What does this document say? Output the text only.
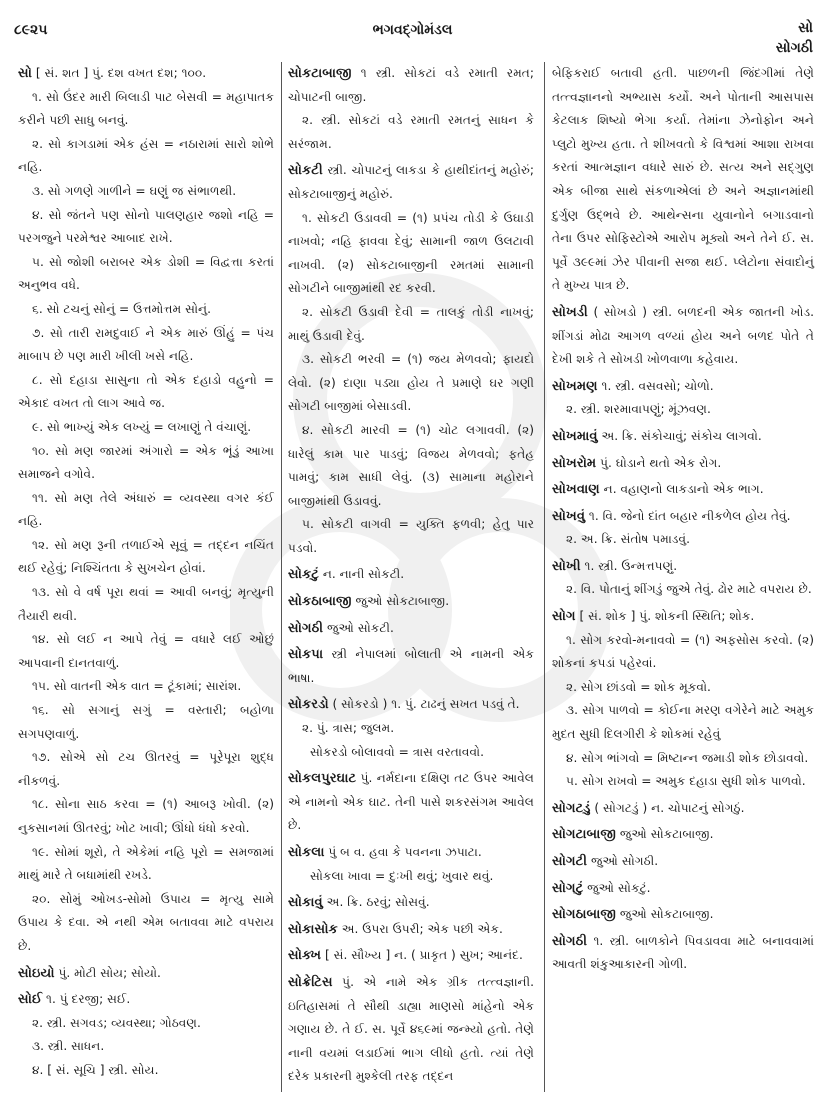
૮૯૨૫	ભગવદ્ગોમંડલ	સો
સોગઠી
સો [ સં. શત ] પું. દશ વખત દશ; ૧૦૦.
૧. સો ઉંદર મારી બિલાડી પાટ બેસવી = મહાપાતક કરીને પછી સાધુ બનવું.
૨. સો કાગડામાં એક હંસ = નઠારામાં સારો શોભે નહિ.
૩. સો ગળણે ગાળીને = ઘણું જ સંભાળથી.
૪. સો જંતને પણ સોનો પાલણહાર જશો નહિ = પરગજુને પરમેશ્વર આબાદ રાખે.
૫. સો જોશી બરાબર એક ડોશી = વિદ્વત્તા કરતાં અનુભવ વધે.
૬. સો ટચનું સોનું = ઉત્તમોત્તમ સોનું.
૭. સો તારી રામદુવાઈ ને એક મારું ઊંહું = પંચ માબાપ છે પણ મારી ખીલી ખસે નહિ.
૮. સો દહાડા સાસુના તો એક દહાડો વહુનો = એકાદ વખત તો લાગ આવે જ.
૯. સો ભાખ્યું એક લખ્યું = લખાણું તે વંચાણું.
૧૦. સો મણ જારમાં અંગારો = એક ભૂંડું આખા સમાજને વગોવે.
૧૧. સો મણ તેલે અંધારું = વ્યવસ્થા વગર કંઈ નહિ.
૧૨. સો મણ રૂની તળાઈએ સૂવું = તદ્દન નચિંત થઈ રહેવું; નિશ્ચિંતતા કે સુખચેન હોવાં.
૧૩. સો વે વર્ષ પૂરા થવાં = આવી બનવું; મૃત્યુની તૈયારી થવી.
૧૪. સો લઈ ન આપે તેવું = વધારે લઈ ઓછું આપવાની દાનતવાળું.
૧૫. સો વાતની એક વાત = ટૂંકામાં; સારાંશ.
૧૬. સો સગાનું સગું = વસ્તારી; બહોળા સગપણવાળું.
૧૭. સોએ સો ટચ ઊતરવું = પૂરેપૂરા શુદ્ધ નીકળવું.
૧૮. સોના સાઠ કરવા = (૧) આબરૂ ખોવી. (૨) નુકસાનમાં ઊતરવું; ખોટ ખાવી; ઊંધો ધંધો કરવો.
૧૯. સોમાં શૂરો, તે એકેમાં નહિ પૂરો = સમજામાં માથું મારે તે બધામાંથી રખડે.
૨૦. સોમું ઓખડ-સોમો ઉપાય = મૃત્યુ સામે ઉપાય કે દવા. એ નથી એમ બતાવવા માટે વપરાય છે.
સોઇયો પું. મોટી સોય; સોયો.
સોઈ ૧. પું દરજી; સઈ.
૨. સ્ત્રી. સગવડ; વ્યવસ્થા; ગોઠવણ.
૩. સ્ત્રી. સાધન.
૪. [ સં. સૂચિ ] સ્ત્રી. સોય.
સોકટાબાજી ૧ સ્ત્રી. સોકટાં વડે રમાતી રમત; ચોપાટની બાજી.
૨. સ્ત્રી. સોકટાં વડે રમાતી રમતનું સાધન કે સરંજામ.
સોકટી સ્ત્રી. ચોપાટનું લાકડા કે હાથીદાંતનું મહોરું; સોકટાબાજીનું મહોરું.
૧. સોકટી ઉડાવવી = (૧) પ્રપંચ તોડી કે ઉઘાડી નાખવો; નહિ ફાવવા દેવું; સામાની જાળ ઉલટાવી નાખવી. (૨) સોકટાબાજીની રમતમાં સામાની સોગટીને બાજીમાંથી રદ કરવી.
૨. સોકટી ઉડાવી દેવી = તાલકું તોડી નાખવું; માથું ઉડાવી દેવું.
૩. સોકટી ભરવી = (૧) જય મેળવવો; ફાયદો લેવો. (૨) દાણા પડ્યા હોય તે પ્રમાણે ઘર ગણી સોગટી બાજીમાં બેસાડવી.
૪. સોકટી મારવી = (૧) ચોટ લગાવવી. (૨) ધારેલું કામ પાર પાડવું; વિજય મેળવવો; ફતેહ પામવું; કામ સાધી લેવું. (૩) સામાના મહોરાને બાજીમાંથી ઉડાવવું.
૫. સોકટી વાગવી = યુક્તિ ફળવી; હેતુ પાર પડવો.
સોકટું ન. નાની સોકટી.
સોકઠાબાજી જુઓ સોકટાબાજી.
સોગઠી જુઓ સોકટી.
સોકપા સ્ત્રી નેપાલમાં બોલાતી એ નામની એક ભાષા.
સોકરડો ( સોકરડો ) ૧. પું. ટાઢનું સખત પડવું તે.
૨. પું. ત્રાસ; જુલમ.
સોકરડો બોલાવવો = ત્રાસ વરતાવવો.
સોકલપુરઘાટ પું. નર્મદાના દક્ષિણ તટ ઉપર આવેલ એ નામનો એક ઘાટ. તેની પાસે શકરસંગમ આવેલ છે.
સોકલા પું બ વ. હવા કે પવનના ઝપાટા.
સોકલા ખાવા = દુઃખી થવું; ખુવાર થવું.
સોકાવું અ. ક્રિ. ઠરવું; સોસવું.
સોકાસોક અ. ઉપરા ઉપરી; એક પછી એક.
સોક્ખ [ સં. સૌખ્ય ] ન. ( પ્રાકૃત ) સુખ; આનંદ.
સોક્રેટિસ પું. એ નામે એક ગ્રીક તત્ત્વજ્ઞાની. ઇતિહાસમાં તે સૌથી ડાહ્યા માણસો માંહેનો એક ગણાય છે. તે ઈ. સ. પૂર્વે ૪૬૯માં જન્મ્યો હતો. તેણે નાની વયમાં લડાઈમાં ભાગ લીધો હતો. ત્યાં તેણે દરેક પ્રકારની મુશ્કેલી તરફ તદ્દન
બેફિકરાઈ બતાવી હતી. પાછળની જિંદગીમાં તેણે તત્ત્વજ્ઞાનનો અભ્યાસ કર્યો. અને પોતાની આસપાસ કેટલાક શિષ્યો ભેગા કર્યા. તેમાંના ઝેનોફોન અને પ્લુટો મુખ્ય હતા. તે શીખવતો કે વિશ્વમાં આશા રાખવા કરતાં આત્મજ્ઞાન વધારે સારું છે. સત્ય અને સદ્ગુણ એક બીજા સાથે સંકળાએલાં છે અને અજ્ઞાનમાંથી દુર્ગુણ ઉદ્ભવે છે. આથેન્સના યુવાનોને બગાડવાનો તેના ઉપર સોફિસ્ટોએ આરોપ મૂક્યો અને તેને ઈ. સ. પૂર્વે ૩૯૯માં ઝેર પીવાની સજા થઈ. પ્લેટોના સંવાદોનું તે મુખ્ય પાત્ર છે.
સોખડી ( સોખડો ) સ્ત્રી. બળદની એક જાતની ખોડ. શીંગડાં મોઢા આગળ વળ્યાં હોય અને બળદ પોતે તે દેખી શકે તે સોખડી ખોળવાળા કહેવાય.
સોખમણ ૧. સ્ત્રી. વસવસો; ચોળો.
૨. સ્ત્રી. શરમાવાપણું; મૂંઝવણ.
સોખમાવું અ. ક્રિ. સંકોચાવું; સંકોચ લાગવો.
સોખરોમ પું. ઘોડાને થતો એક રોગ.
સોખવાણ ન. વહાણનો લાકડાનો એક ભાગ.
સોખવું ૧. વિ. જેનો દાંત બહાર નીકળેલ હોય તેવું.
૨. અ. ક્રિ. સંતોષ પમાડવું.
સોખી ૧. સ્ત્રી. ઉન્મત્તપણું.
૨. વિ. પોતાનું શીંગડું જુએ તેવું. ઢોર માટે વપરાય છે.
સોગ [ સં. શોક ] પું. શોકની સ્થિતિ; શોક.
૧. સોગ કરવો-મનાવવો = (૧) અફસોસ કરવો. (૨) શોકનાં કપડાં પહેરવાં.
૨. સોગ છાંડવો = શોક મૂકવો.
૩. સોગ પાળવો = કોઈના મરણ વગેરેને માટે અમુક મુદત સુધી દિલગીરી કે શોકમાં રહેવું
૪. સોગ ભાંગવો = મિષ્ટાન્ન જમાડી શોક છોડાવવો.
૫. સોગ રાખવો = અમુક દહાડા સુધી શોક પાળવો.
સોગટડું ( સોગટડું ) ન. ચોપાટનું સોગઠું.
સોગટાબાજી જુઓ સોકટાબાજી.
સોગટી જુઓ સોગઠી.
સોગટું જુઓ સોકટું.
સોગઠાબાજી જુઓ સોકટાબાજી.
સોગઠી ૧. સ્ત્રી. બાળકોને પિવડાવવા માટે બનાવવામાં આવતી શંકુઆકારની ગોળી.
